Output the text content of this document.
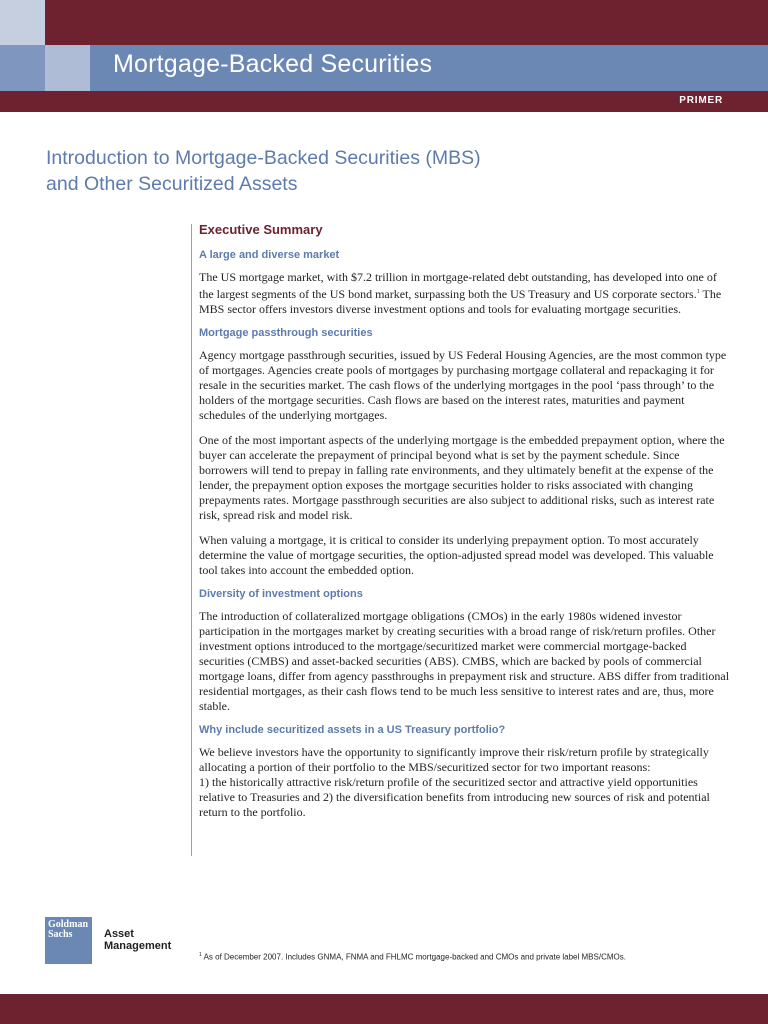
Mortgage-Backed Securities
PRIMER
Introduction to Mortgage-Backed Securities (MBS)
and Other Securitized Assets
Executive Summary
A large and diverse market
The US mortgage market, with $7.2 trillion in mortgage-related debt outstanding, has developed into one of the largest segments of the US bond market, surpassing both the US Treasury and US corporate sectors.$^1$ The MBS sector offers investors diverse investment options and tools for evaluating mortgage securities.
Mortgage passthrough securities
Agency mortgage passthrough securities, issued by US Federal Housing Agencies, are the most common type of mortgages. Agencies create pools of mortgages by purchasing mortgage collateral and repackaging it for resale in the securities market. The cash flows of the underlying mortgages in the pool ‘pass through’ to the holders of the mortgage securities. Cash flows are based on the interest rates, maturities and payment schedules of the underlying mortgages.
One of the most important aspects of the underlying mortgage is the embedded prepayment option, where the buyer can accelerate the prepayment of principal beyond what is set by the payment schedule. Since borrowers will tend to prepay in falling rate environments, and they ultimately benefit at the expense of the lender, the prepayment option exposes the mortgage securities holder to risks associated with changing prepayments rates. Mortgage passthrough securities are also subject to additional risks, such as interest rate risk, spread risk and model risk.
When valuing a mortgage, it is critical to consider its underlying prepayment option. To most accurately determine the value of mortgage securities, the option-adjusted spread model was developed. This valuable tool takes into account the embedded option.
Diversity of investment options
The introduction of collateralized mortgage obligations (CMOs) in the early 1980s widened investor participation in the mortgages market by creating securities with a broad range of risk/return profiles. Other investment options introduced to the mortgage/securitized market were commercial mortgage-backed securities (CMBS) and asset-backed securities (ABS). CMBS, which are backed by pools of commercial mortgage loans, differ from agency passthroughs in prepayment risk and structure. ABS differ from traditional residential mortgages, as their cash flows tend to be much less sensitive to interest rates and are, thus, more stable.
Why include securitized assets in a US Treasury portfolio?
We believe investors have the opportunity to significantly improve their risk/return profile by strategically allocating a portion of their portfolio to the MBS/securitized sector for two important reasons:
1) the historically attractive risk/return profile of the securitized sector and attractive yield opportunities relative to Treasuries and 2) the diversification benefits from introducing new sources of risk and potential return to the portfolio.
Goldman
Sachs	Asset
Management
$^1$ As of December 2007. Includes GNMA, FNMA and FHLMC mortgage-backed and CMOs and private label MBS/CMOs.
